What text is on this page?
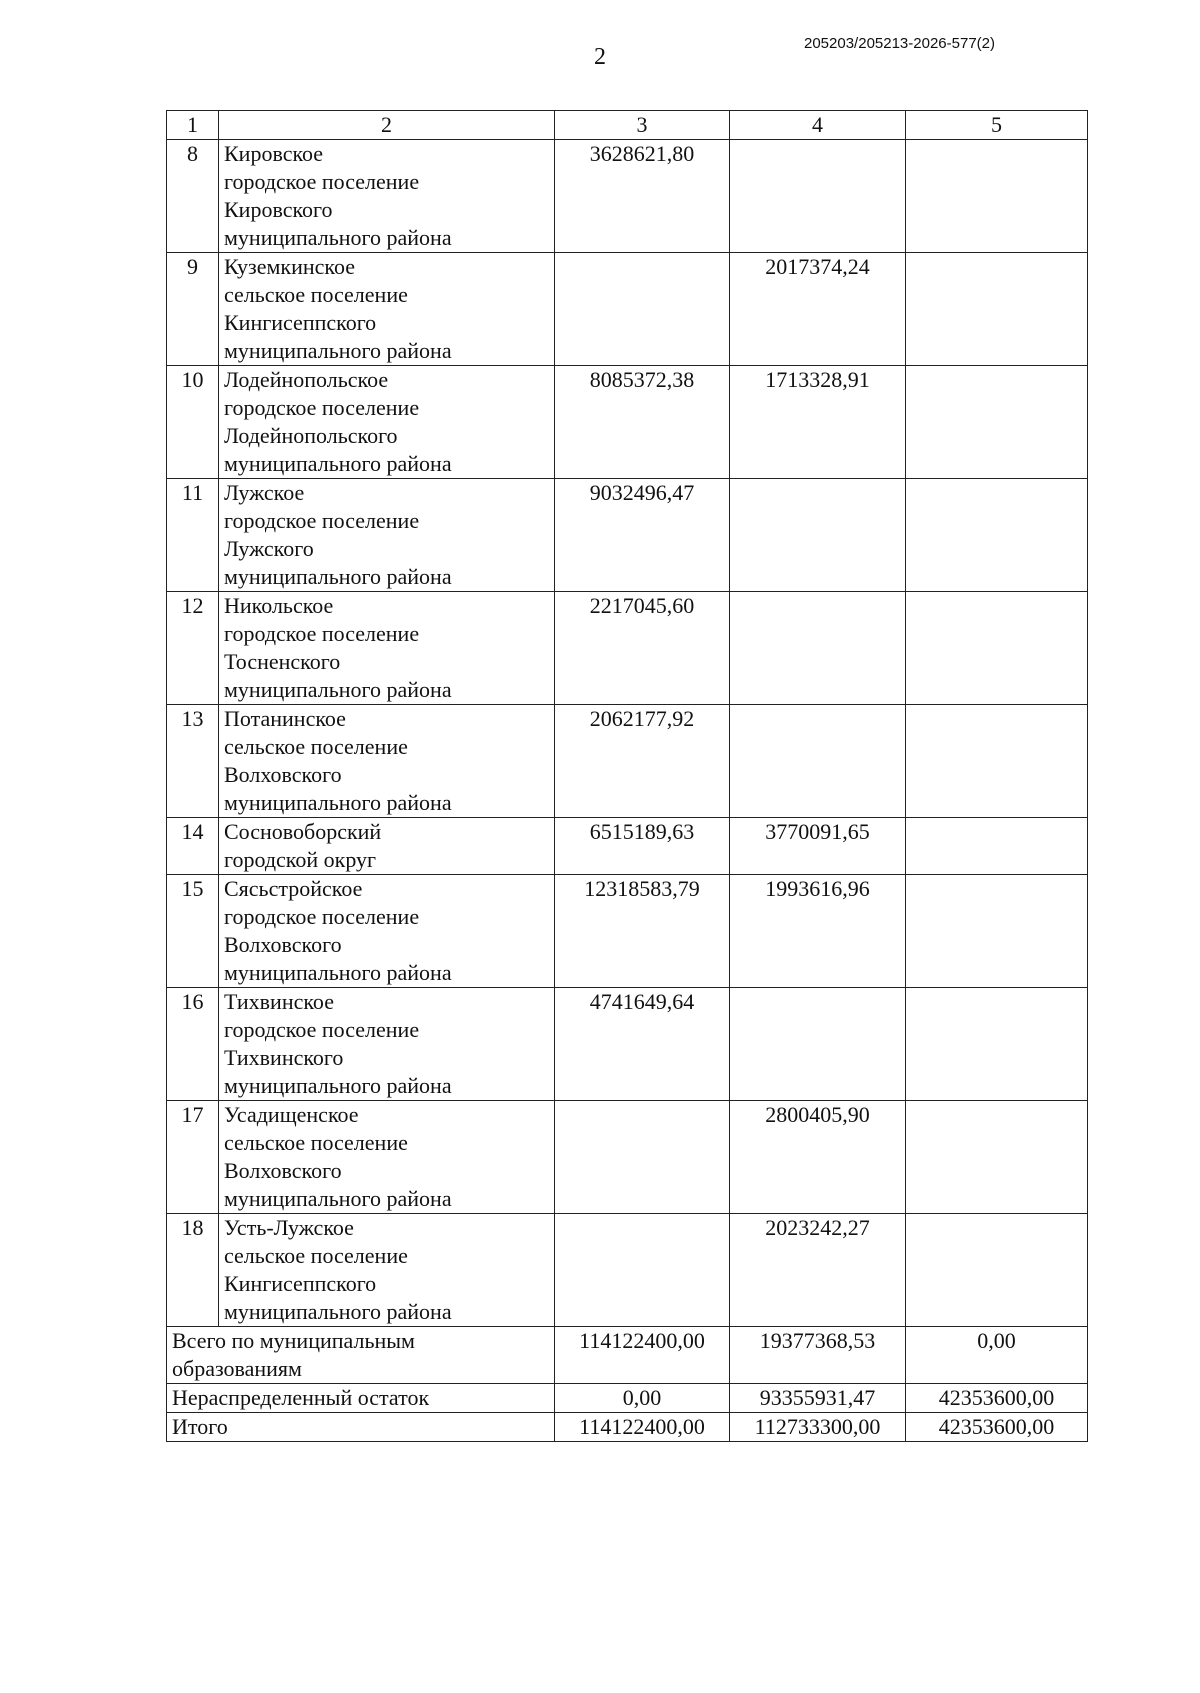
2
205203/205213-2026-577(2)
1	2	3	4	5
8	Кировское
городское поселение
Кировского
муниципального района	3628621,80		
9	Куземкинское
сельское поселение
Кингисеппского
муниципального района		2017374,24	
10	Лодейнопольское
городское поселение
Лодейнопольского
муниципального района	8085372,38	1713328,91	
11	Лужское
городское поселение
Лужского
муниципального района	9032496,47		
12	Никольское
городское поселение
Тосненского
муниципального района	2217045,60		
13	Потанинское
сельское поселение
Волховского
муниципального района	2062177,92		
14	Сосновоборский
городской округ	6515189,63	3770091,65	
15	Сясьстройское
городское поселение
Волховского
муниципального района	12318583,79	1993616,96	
16	Тихвинское
городское поселение
Тихвинского
муниципального района	4741649,64		
17	Усадищенское
сельское поселение
Волховского
муниципального района		2800405,90	
18	Усть-Лужское
сельское поселение
Кингисеппского
муниципального района		2023242,27	
Всего по муниципальным образованиям		114122400,00	19377368,53	0,00
Нераспределенный остаток		0,00	93355931,47	42353600,00
Итого		114122400,00	112733300,00	42353600,00
